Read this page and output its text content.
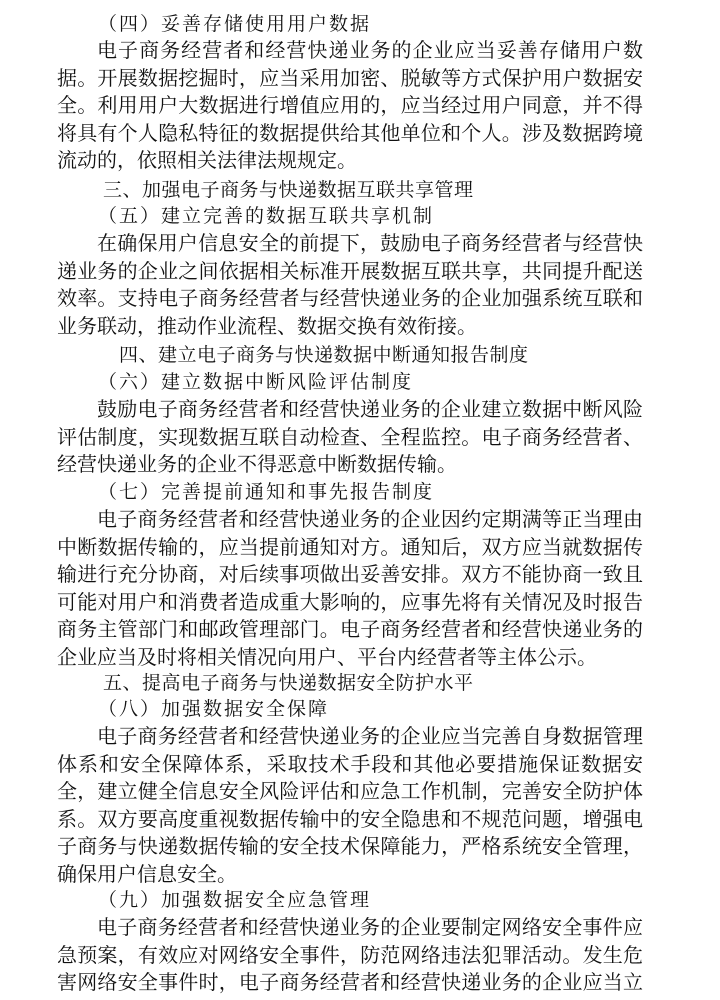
（四）妥善存储使用用户数据
电子商务经营者和经营快递业务的企业应当妥善存储用户数
据。开展数据挖掘时，应当采用加密、脱敏等方式保护用户数据安
全。利用用户大数据进行增值应用的，应当经过用户同意，并不得
将具有个人隐私特征的数据提供给其他单位和个人。涉及数据跨境
流动的，依照相关法律法规规定。
三、加强电子商务与快递数据互联共享管理
（五）建立完善的数据互联共享机制
在确保用户信息安全的前提下，鼓励电子商务经营者与经营快
递业务的企业之间依据相关标准开展数据互联共享，共同提升配送
效率。支持电子商务经营者与经营快递业务的企业加强系统互联和
业务联动，推动作业流程、数据交换有效衔接。
四、建立电子商务与快递数据中断通知报告制度
（六）建立数据中断风险评估制度
鼓励电子商务经营者和经营快递业务的企业建立数据中断风险
评估制度，实现数据互联自动检查、全程监控。电子商务经营者、
经营快递业务的企业不得恶意中断数据传输。
（七）完善提前通知和事先报告制度
电子商务经营者和经营快递业务的企业因约定期满等正当理由
中断数据传输的，应当提前通知对方。通知后，双方应当就数据传
输进行充分协商，对后续事项做出妥善安排。双方不能协商一致且
可能对用户和消费者造成重大影响的，应事先将有关情况及时报告
商务主管部门和邮政管理部门。电子商务经营者和经营快递业务的
企业应当及时将相关情况向用户、平台内经营者等主体公示。
五、提高电子商务与快递数据安全防护水平
（八）加强数据安全保障
电子商务经营者和经营快递业务的企业应当完善自身数据管理
体系和安全保障体系，采取技术手段和其他必要措施保证数据安
全，建立健全信息安全风险评估和应急工作机制，完善安全防护体
系。双方要高度重视数据传输中的安全隐患和不规范问题，增强电
子商务与快递数据传输的安全技术保障能力，严格系统安全管理，
确保用户信息安全。
（九）加强数据安全应急管理
电子商务经营者和经营快递业务的企业要制定网络安全事件应
急预案，有效应对网络安全事件，防范网络违法犯罪活动。发生危
害网络安全事件时，电子商务经营者和经营快递业务的企业应当立
